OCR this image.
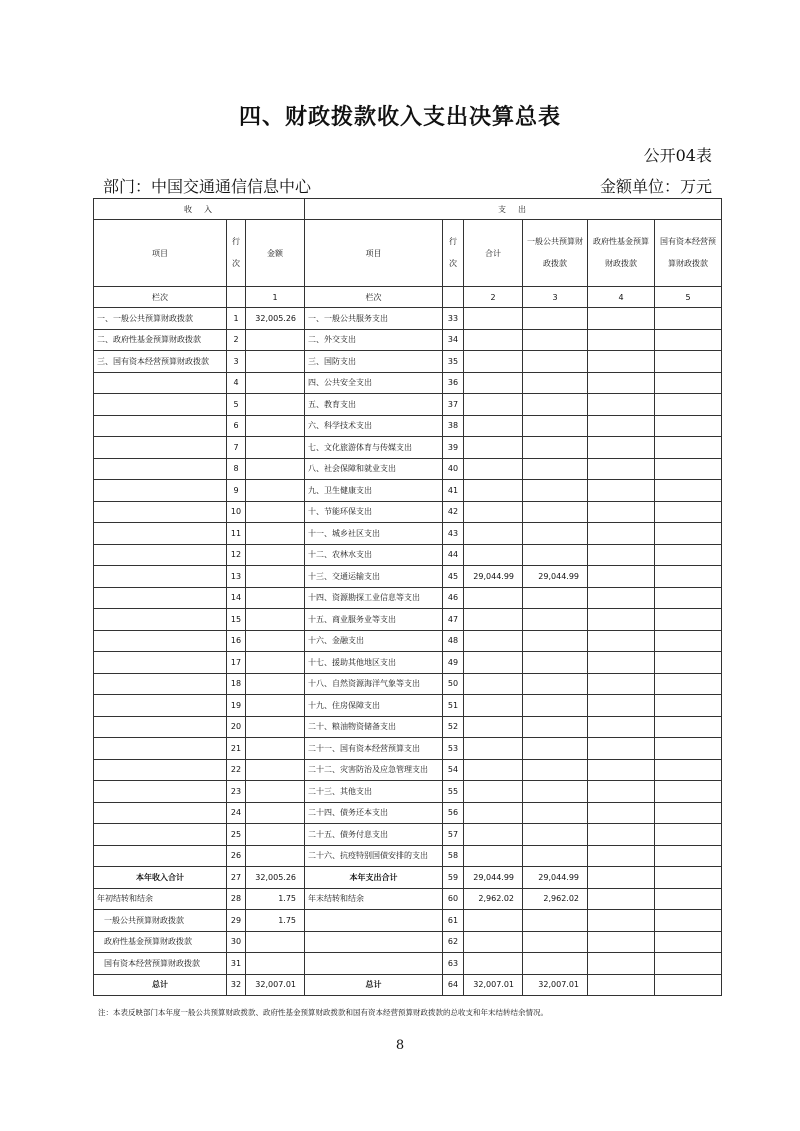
四、财政拨款收入支出决算总表
公开04表
部门：中国交通通信信息中心	金额单位：万元
收　入			支　出					
项目	行次	金额	项目	行次	合计	一般公共预算财政拨款	政府性基金预算财政拨款	国有资本经营预算财政拨款
栏次		1	栏次		2	3	4	5
一、一般公共预算财政拨款	1	32,005.26	一、一般公共服务支出	33				
二、政府性基金预算财政拨款	2		二、外交支出	34				
三、国有资本经营预算财政拨款	3		三、国防支出	35				
	4		四、公共安全支出	36				
	5		五、教育支出	37				
	6		六、科学技术支出	38				
	7		七、文化旅游体育与传媒支出	39				
	8		八、社会保障和就业支出	40				
	9		九、卫生健康支出	41				
	10		十、节能环保支出	42				
	11		十一、城乡社区支出	43				
	12		十二、农林水支出	44				
	13		十三、交通运输支出	45	29,044.99	29,044.99		
	14		十四、资源勘探工业信息等支出	46				
	15		十五、商业服务业等支出	47				
	16		十六、金融支出	48				
	17		十七、援助其他地区支出	49				
	18		十八、自然资源海洋气象等支出	50				
	19		十九、住房保障支出	51				
	20		二十、粮油物资储备支出	52				
	21		二十一、国有资本经营预算支出	53				
	22		二十二、灾害防治及应急管理支出	54				
	23		二十三、其他支出	55				
	24		二十四、债务还本支出	56				
	25		二十五、债务付息支出	57				
	26		二十六、抗疫特别国债安排的支出	58				
本年收入合计	27	32,005.26	本年支出合计	59	29,044.99	29,044.99		
年初结转和结余	28	1.75	年末结转和结余	60	2,962.02	2,962.02		
一般公共预算财政拨款	29	1.75		61				
政府性基金预算财政拨款	30			62				
国有资本经营预算财政拨款	31			63				
总计	32	32,007.01	总计	64	32,007.01	32,007.01		
注：本表反映部门本年度一般公共预算财政拨款、政府性基金预算财政拨款和国有资本经营预算财政拨款的总收支和年末结转结余情况。
8
